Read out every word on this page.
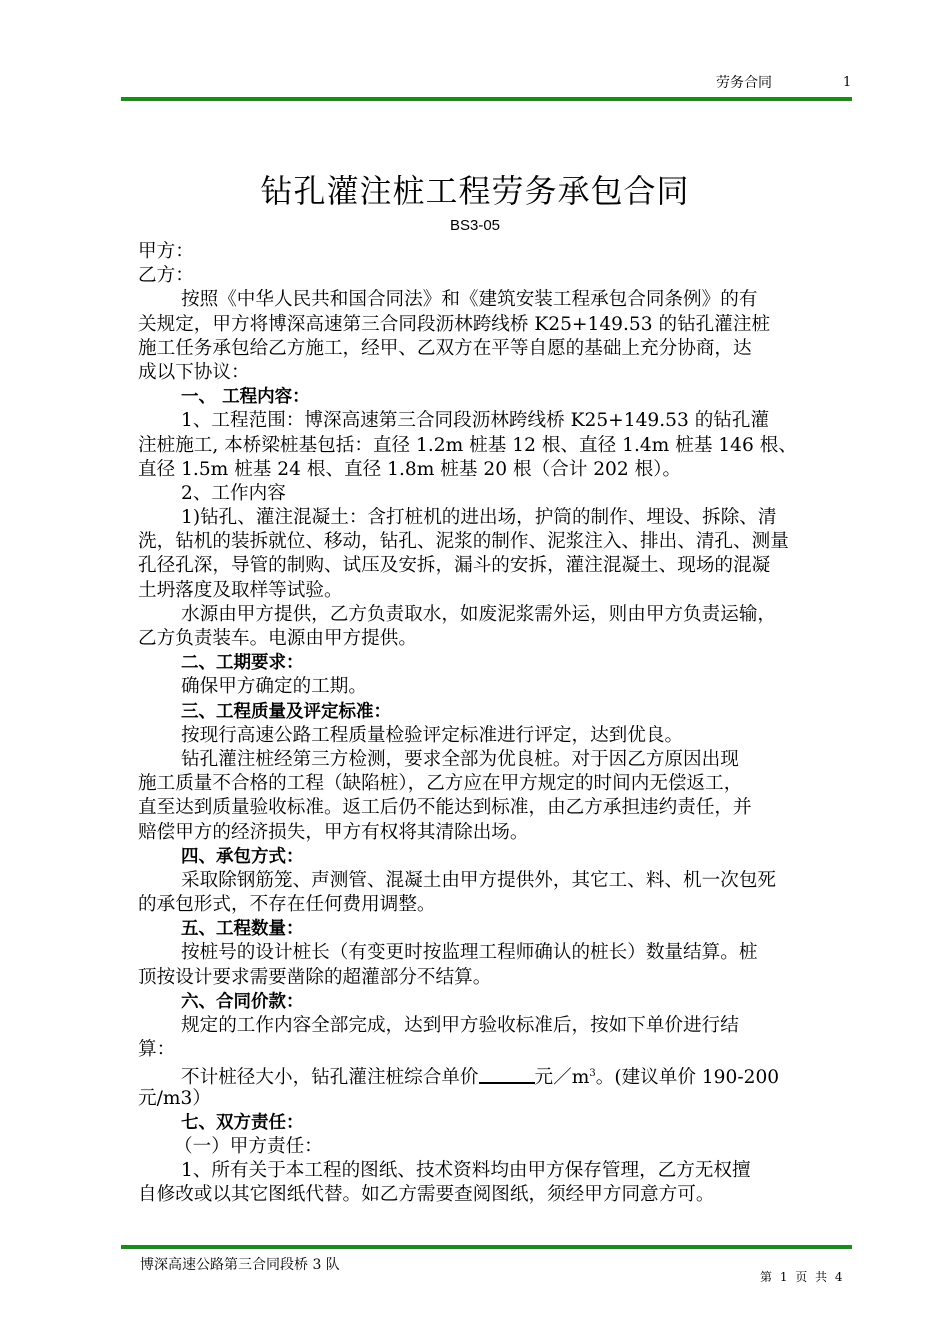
劳务合同	1
钻孔灌注桩工程劳务承包合同
BS3-05
甲方：
乙方：
按照《中华人民共和国合同法》和《建筑安装工程承包合同条例》的有
关规定，甲方将博深高速第三合同段沥林跨线桥 K25+149.53 的钻孔灌注桩
施工任务承包给乙方施工，经甲、乙双方在平等自愿的基础上充分协商，达
成以下协议：
一、 工程内容：
1、工程范围：博深高速第三合同段沥林跨线桥 K25+149.53 的钻孔灌
注桩施工, 本桥梁桩基包括：直径 1.2m 桩基 12 根、直径 1.4m 桩基 146 根、
直径 1.5m 桩基 24 根、直径 1.8m 桩基 20 根（合计 202 根）。
2、工作内容
1)钻孔、灌注混凝土：含打桩机的进出场，护筒的制作、埋设、拆除、清
洗，钻机的装拆就位、移动，钻孔、泥浆的制作、泥浆注入、排出、清孔、测量
孔径孔深，导管的制购、试压及安拆，漏斗的安拆，灌注混凝土、现场的混凝
土坍落度及取样等试验。
水源由甲方提供，乙方负责取水，如废泥浆需外运，则由甲方负责运输，
乙方负责装车。电源由甲方提供。
二、工期要求：
确保甲方确定的工期。
三、工程质量及评定标准：
按现行高速公路工程质量检验评定标准进行评定，达到优良。
钻孔灌注桩经第三方检测，要求全部为优良桩。对于因乙方原因出现
施工质量不合格的工程（缺陷桩），乙方应在甲方规定的时间内无偿返工，
直至达到质量验收标准。返工后仍不能达到标准，由乙方承担违约责任，并
赔偿甲方的经济损失，甲方有权将其清除出场。
四、承包方式：
采取除钢筋笼、声测管、混凝土由甲方提供外，其它工、料、机一次包死
的承包形式，不存在任何费用调整。
五、工程数量：
按桩号的设计桩长（有变更时按监理工程师确认的桩长）数量结算。桩
顶按设计要求需要凿除的超灌部分不结算。
六、合同价款：
规定的工作内容全部完成，达到甲方验收标准后，按如下单价进行结
算：
不计桩径大小，钻孔灌注桩综合单价	元$/m^3$。(建议单价 190-200
元/m3）
七、双方责任：
（一）甲方责任：
1、所有关于本工程的图纸、技术资料均由甲方保存管理，乙方无权擅
自修改或以其它图纸代替。如乙方需要查阅图纸，须经甲方同意方可。
博深高速公路第三合同段桥 3 队
第 1 页 共 4
